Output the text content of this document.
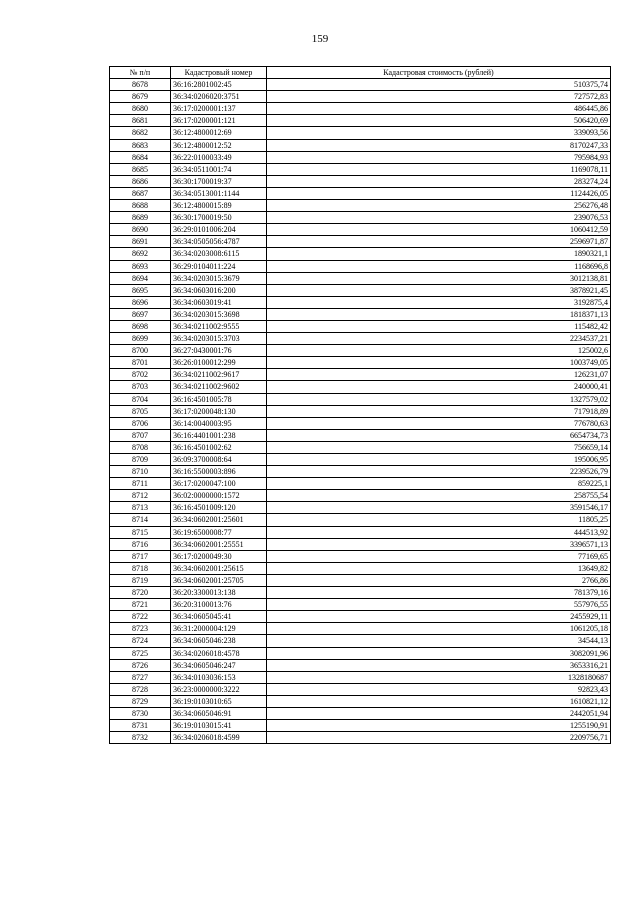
159
№ п/п	Кадастровый номер	Кадастровая стоимость (рублей)
8678	36:16:2801002:45	510375,74
8679	36:34:0206020:3751	727572,83
8680	36:17:0200001:137	486445,86
8681	36:17:0200001:121	506420,69
8682	36:12:4800012:69	339093,56
8683	36:12:4800012:52	8170247,33
8684	36:22:0100033:49	795984,93
8685	36:34:0511001:74	1169078,11
8686	36:30:1700019:37	283274,24
8687	36:34:0513001:1144	1124426,05
8688	36:12:4800015:89	256276,48
8689	36:30:1700019:50	239076,53
8690	36:29:0101006:204	1060412,59
8691	36:34:0505056:4787	2596971,87
8692	36:34:0203008:6115	1890321,1
8693	36:29:0104011:224	1168696,8
8694	36:34:0203015:3679	3012138,81
8695	36:34:0603016:200	3878921,45
8696	36:34:0603019:41	3192875,4
8697	36:34:0203015:3698	1818371,13
8698	36:34:0211002:9555	115482,42
8699	36:34:0203015:3703	2234537,21
8700	36:27:0430001:76	125002,6
8701	36:26:0100012:299	1003749,05
8702	36:34:0211002:9617	126231,07
8703	36:34:0211002:9602	240000,41
8704	36:16:4501005:78	1327579,02
8705	36:17:0200048:130	717918,89
8706	36:14:0040003:95	776780,63
8707	36:16:4401001:238	6654734,73
8708	36:16:4501002:62	756659,14
8709	36:09:3700008:64	195006,95
8710	36:16:5500003:896	2239526,79
8711	36:17:0200047:100	859225,1
8712	36:02:0000000:1572	258755,54
8713	36:16:4501009:120	3591546,17
8714	36:34:0602001:25601	11805,25
8715	36:19:6500008:77	444513,92
8716	36:34:0602001:25551	3396571,13
8717	36:17:0200049:30	77169,65
8718	36:34:0602001:25615	13649,82
8719	36:34:0602001:25705	2766,86
8720	36:20:3300013:138	781379,16
8721	36:20:3100013:76	557976,55
8722	36:34:0605045:41	2455929,11
8723	36:31:2000004:129	1061205,18
8724	36:34:0605046:238	34544,13
8725	36:34:0206018:4578	3082091,96
8726	36:34:0605046:247	3653316,21
8727	36:34:0103036:153	1328180687
8728	36:23:0000000:3222	92823,43
8729	36:19:0103010:65	1610821,12
8730	36:34:0605046:91	2442051,94
8731	36:19:0103015:41	1255190,91
8732	36:34:0206018:4599	2209756,71
